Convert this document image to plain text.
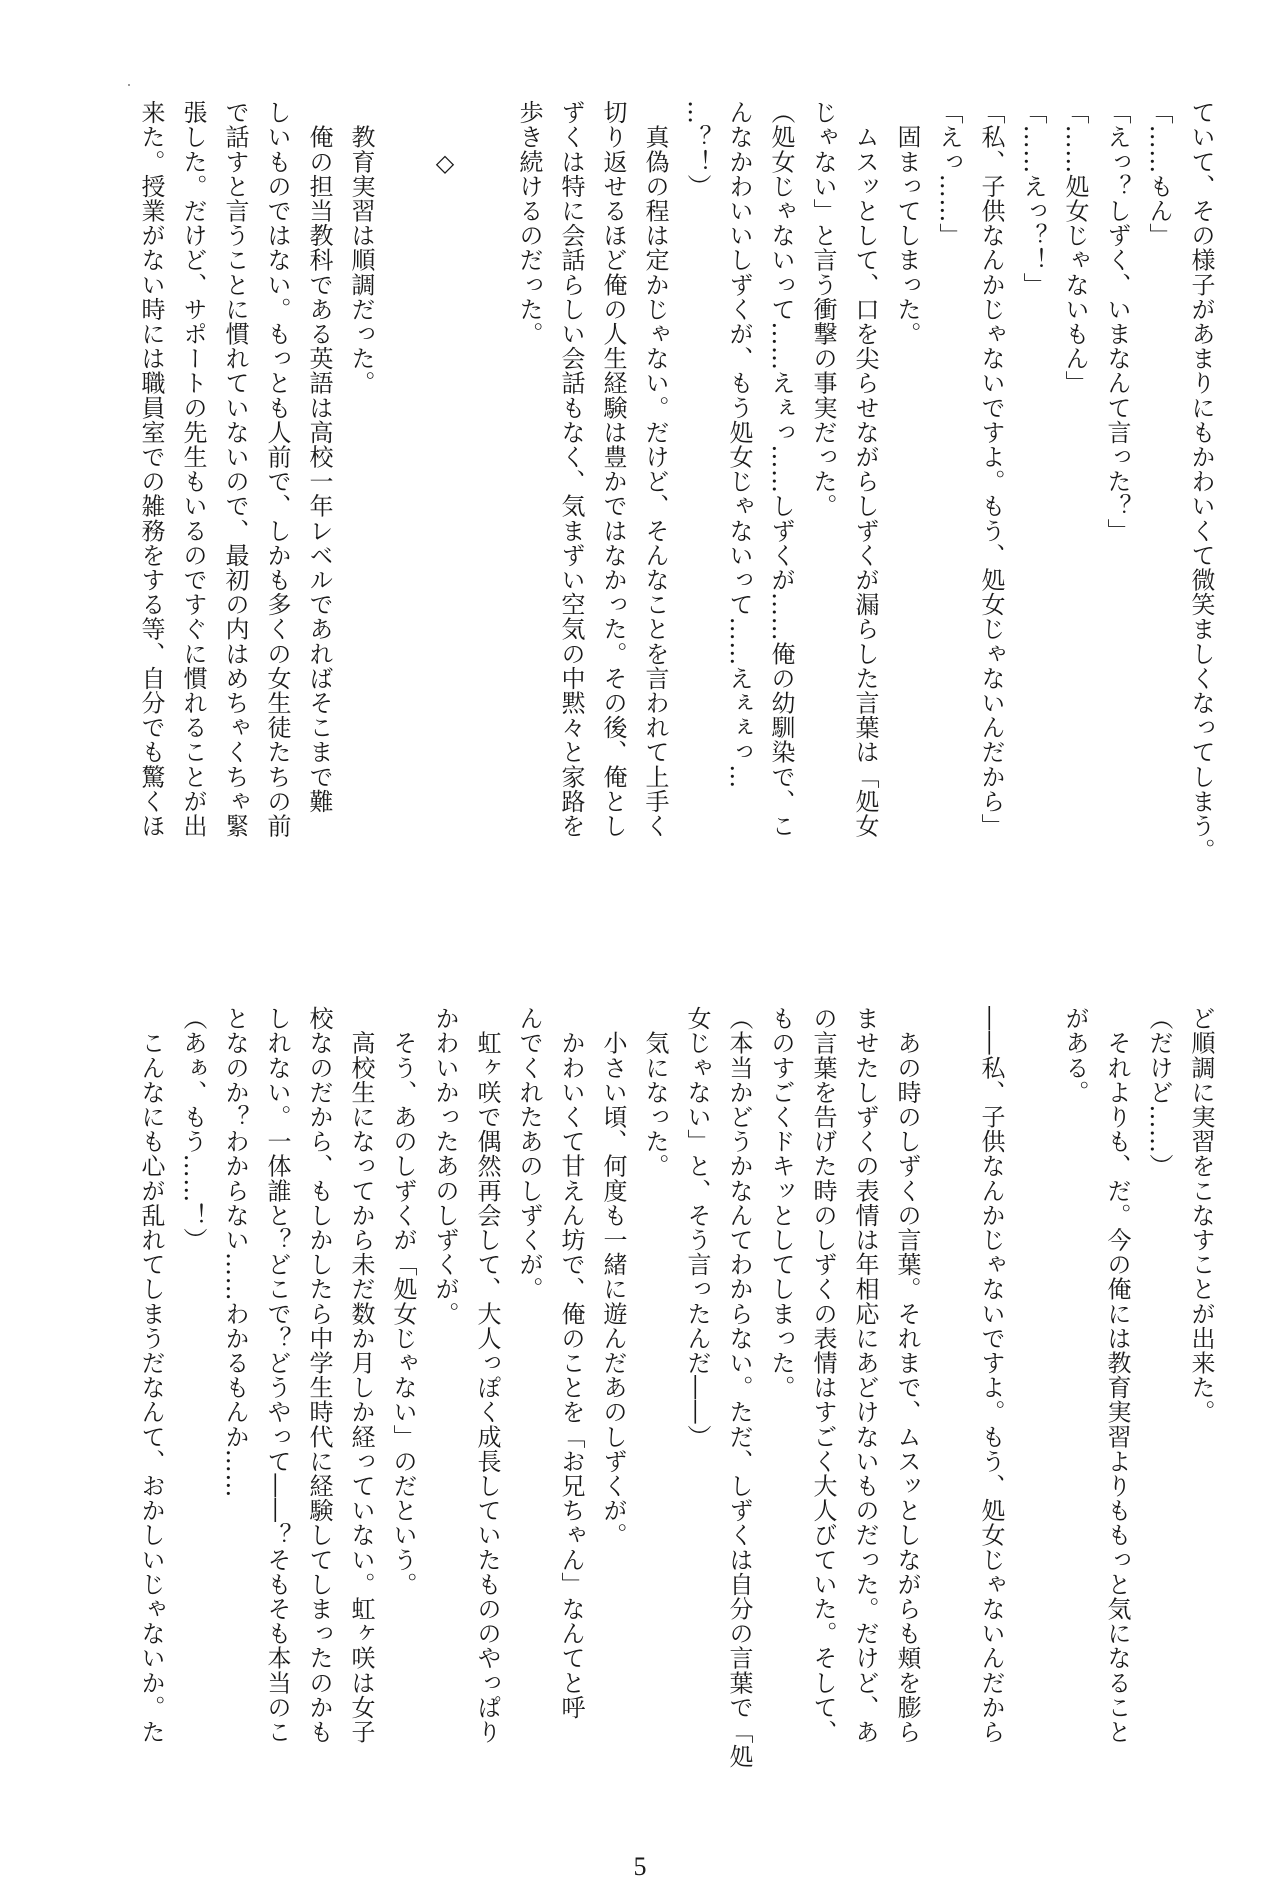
ていて、その様子があまりにもかわいくて微笑ましくなってしまう。
「……もん」
「えっ？しずく、いまなんて言った？」
「……処女じゃないもん」
「……えっ？！」
「私、子供なんかじゃないですよ。もう、処女じゃないんだから」
「えっ……」
　固まってしまった。
　ムスッとして、口を尖らせながらしずくが漏らした言葉は「処女
じゃない」と言う衝撃の事実だった。
（処女じゃないって……えぇっ……しずくが……俺の幼馴染で、こ
んなかわいいしずくが、もう処女じゃないって……えぇぇっ…
…？！）
　真偽の程は定かじゃない。だけど、そんなことを言われて上手く
切り返せるほど俺の人生経験は豊かではなかった。その後、俺とし
ずくは特に会話らしい会話もなく、気まずい空気の中黙々と家路を
歩き続けるのだった。
　　◇
　教育実習は順調だった。
　俺の担当教科である英語は高校一年レベルであればそこまで難
しいものではない。もっとも人前で、しかも多くの女生徒たちの前
で話すと言うことに慣れていないので、最初の内はめちゃくちゃ緊
張した。だけど、サポートの先生もいるのですぐに慣れることが出
来た。授業がない時には職員室での雑務をする等、自分でも驚くほ
ど順調に実習をこなすことが出来た。
（だけど……）
　それよりも、だ。今の俺には教育実習よりももっと気になること
がある。
――私、子供なんかじゃないですよ。もう、処女じゃないんだから
　あの時のしずくの言葉。それまで、ムスッとしながらも頬を膨ら
ませたしずくの表情は年相応にあどけないものだった。だけど、あ
の言葉を告げた時のしずくの表情はすごく大人びていた。そして、
ものすごくドキッとしてしまった。
（本当かどうかなんてわからない。ただ、しずくは自分の言葉で「処
女じゃない」と、そう言ったんだ――）
　気になった。
　小さい頃、何度も一緒に遊んだあのしずくが。
　かわいくて甘えん坊で、俺のことを「お兄ちゃん」なんてと呼
んでくれたあのしずくが。
　虹ヶ咲で偶然再会して、大人っぽく成長していたもののやっぱり
かわいかったあのしずくが。
　そう、あのしずくが「処女じゃない」のだという。
　高校生になってから未だ数か月しか経っていない。虹ヶ咲は女子
校なのだから、もしかしたら中学生時代に経験してしまったのかも
しれない。一体誰と？どこで？どうやって――？そもそも本当のこ
となのか？わからない……わかるもんか……
（あぁ、もう……！）
　こんなにも心が乱れてしまうだなんて、おかしいじゃないか。た
5
